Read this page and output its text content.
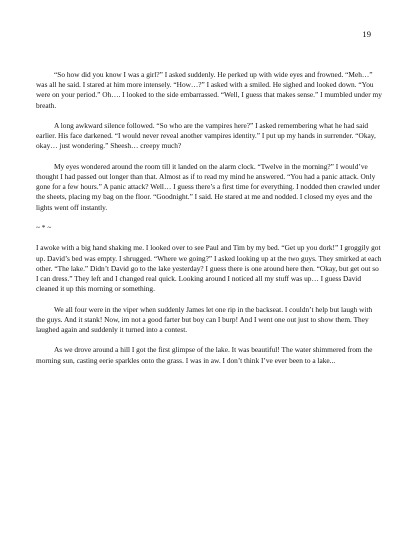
19

“So how did you know I was a girl?” I asked suddenly. He perked up with wide eyes and frowned. “Meh…” was all he said. I stared at him more intensely. “How…?” I asked with a smiled. He sighed and looked down. “You were on your period.” Oh…. I looked to the side embarrassed. “Well, I guess that makes sense.” I mumbled under my breath.

A long awkward silence followed. “So who are the vampires here?” I asked remembering what he had said earlier. His face darkened. “I would never reveal another vampires identity.” I put up my hands in surrender. “Okay, okay… just wondering.” Sheesh… creepy much?

My eyes wondered around the room till it landed on the alarm clock. “Twelve in the morning?” I would’ve thought I had passed out longer than that. Almost as if to read my mind he answered. “You had a panic attack. Only gone for a few hours.” A panic attack? Well… I guess there’s a first time for everything. I nodded then crawled under the sheets, placing my bag on the floor. “Goodnight.” I said. He stared at me and nodded. I closed my eyes and the lights went off instantly.

~ * ~

I awoke with a big hand shaking me. I looked over to see Paul and Tim by my bed. “Get up you dork!” I groggily got up. David’s bed was empty. I shrugged. “Where we going?” I asked looking up at the two guys. They smirked at each other. “The lake.” Didn’t David go to the lake yesterday? I guess there is one around here then. “Okay, but get out so I can dress.” They left and I changed real quick. Looking around I noticed all my stuff was up… I guess David cleaned it up this morning or something.

We all four were in the viper when suddenly James let one rip in the backseat. I couldn’t help but laugh with the guys. And it stank! Now, im not a good farter but boy can I burp! And I went one out just to show them. They laughed again and suddenly it turned into a contest.

As we drove around a hill I got the first glimpse of the lake. It was beautiful! The water shimmered from the morning sun, casting eerie sparkles onto the grass. I was in aw. I don’t think I’ve ever been to a lake...
